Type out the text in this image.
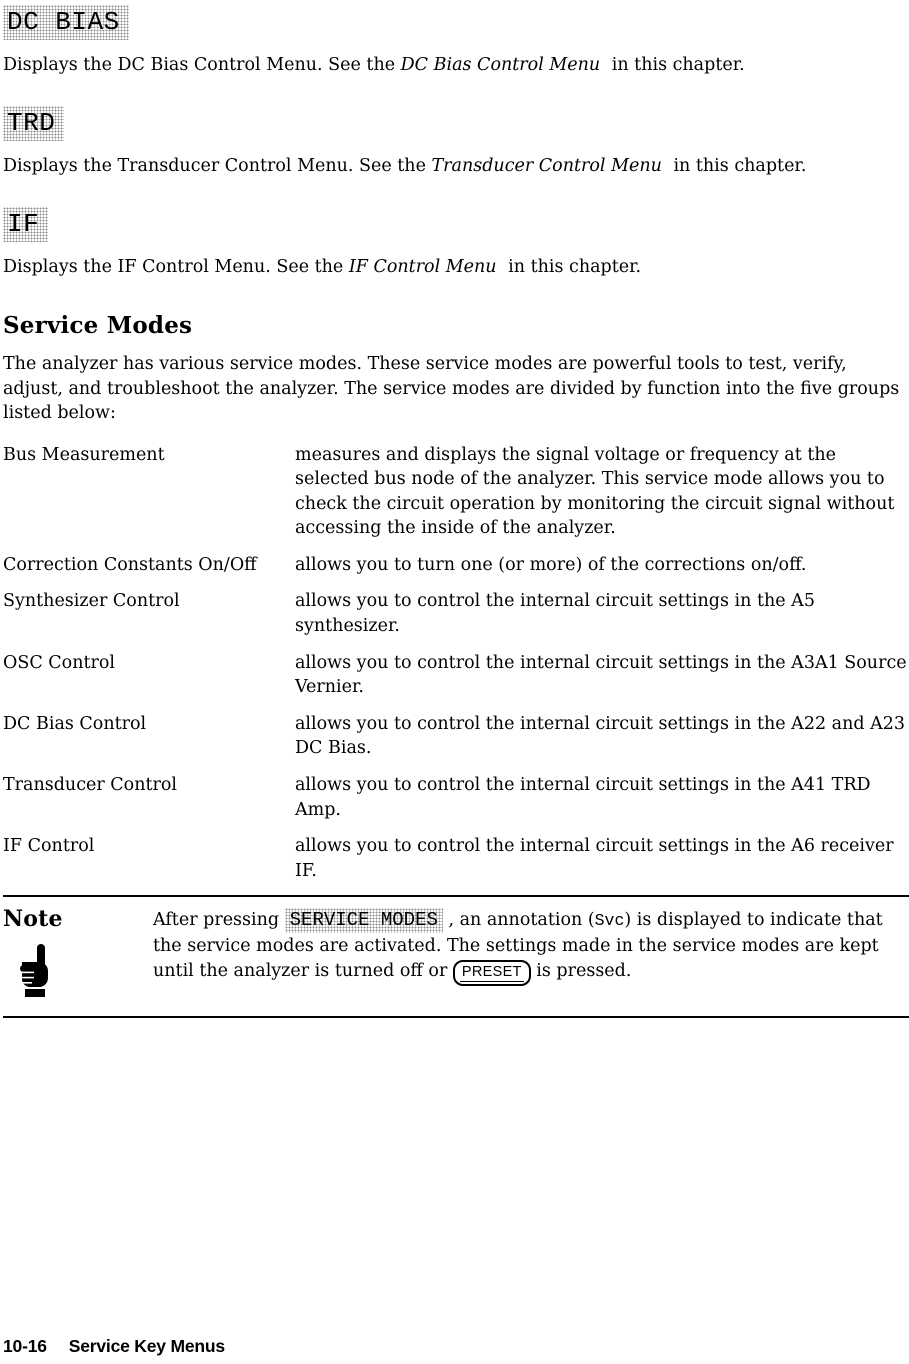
DC BIAS

Displays the DC Bias Control Menu. See the DC Bias Control Menu in this chapter.

TRD

Displays the Transducer Control Menu. See the Transducer Control Menu in this chapter.

IF

Displays the IF Control Menu. See the IF Control Menu in this chapter.

Service Modes

The analyzer has various service modes. These service modes are powerful tools to test, verify, adjust, and troubleshoot the analyzer. The service modes are divided by function into the five groups listed below:

Bus Measurement	measures and displays the signal voltage or frequency at the selected bus node of the analyzer. This service mode allows you to check the circuit operation by monitoring the circuit signal without accessing the inside of the analyzer.
Correction Constants On/Off	allows you to turn one (or more) of the corrections on/off.
Synthesizer Control	allows you to control the internal circuit settings in the A5 synthesizer.
OSC Control	allows you to control the internal circuit settings in the A3A1 Source Vernier.
DC Bias Control	allows you to control the internal circuit settings in the A22 and A23 DC Bias.
Transducer Control	allows you to control the internal circuit settings in the A41 TRD Amp.
IF Control	allows you to control the internal circuit settings in the A6 receiver IF.
Note	After pressing SERVICE MODES , an annotation (Svc) is displayed to indicate that the service modes are activated. The settings made in the service modes are kept until the analyzer is turned off or PRESET is pressed.
10-16 Service Key Menus
